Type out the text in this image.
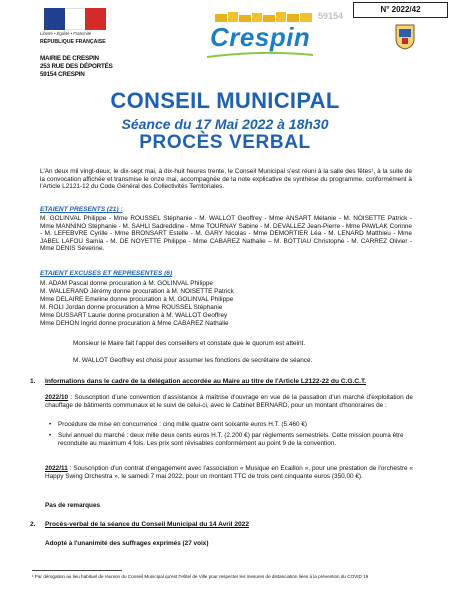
Liberté • Égalité • Fraternité
RÉPUBLIQUE FRANÇAISE
59154
Crespin
N° 2022/42
MAIRIE DE CRESPIN
253 RUE DES DÉPORTÉS
59154 CRESPIN
CONSEIL MUNICIPAL
Séance du 17 Mai 2022 à 18h30
PROCÈS VERBAL
L'An deux mil vingt-deux, le dix-sept mai, à dix-huit heures trente, le Conseil Municipal s'est réuni à la salle des fêtes¹, à la suite de la convocation affichée et transmise le onze mai, accompagnée de la note explicative de synthèse du programme, conformément à l'Article L2121-12 du Code Général des Collectivités Territoriales.
ETAIENT PRESENTS (21) :
M. GOLINVAL Philippe - Mme ROUSSEL Stéphanie - M. WALLOT Geoffrey - Mme ANSART Mélanie - M. NOISETTE Patrick - Mme MANNINO Stéphanie - M. SAHLI Sadreddine - Mme TOURNAY Sabine - M. DEVALLEZ Jean-Pierre - Mme PAWLAK Corinne - M. LEFEBVRE Cyrille - Mme BRONSART Estelle - M. GARY Nicolas - Mme DEMORTIER Léa - M. LENARD Matthieu - Mme JABEL LAFOU Samia - M. DE NOYETTE Philippe - Mme CABAREZ Nathalie – M. BOTTIAU Christophe - M. CARREZ Olivier - Mme DENIS Séverine.
ETAIENT EXCUSES ET REPRESENTES (6)
M. ADAM Pascal donne procuration à M. GOLINVAL Philippe
M. WALLERAND Jérémy donne procuration à M. NOISETTE Patrick
Mme DELAIRE Emeline donne procuration à M. GOLINVAL Philippe
M. ROLI Jordan donne procuration à Mme ROUSSEL Stéphanie
Mme DUSSART Laurie donne procuration à M. WALLOT Geoffrey
Mme DEHON Ingrid donne procuration à Mme CABAREZ Nathalie
Monsieur le Maire fait l'appel des conseillers et constate que le quorum est atteint.
M. WALLOT Geoffrey est choisi pour assumer les fonctions de secrétaire de séance.
1. Informations dans le cadre de la délégation accordée au Maire au titre de l'Article L2122-22 du C.G.C.T.
2022/10 : Souscription d'une convention d'assistance à maîtrise d'ouvrage en vue de la passation d'un marché d'exploitation de chauffage de bâtiments communaux et le suivi de celui-ci, avec le Cabinet BERNARD, pour un montant d'honoraires de :
• Procédure de mise en concurrence : cinq mille quatre cent soixante euros H.T. (5.460 €)
• Suivi annuel du marché : deux mille deux cents euros H.T. (2.200 €) par règlements semestriels. Cette mission pourra être reconduite au maximum 4 fois. Les prix sont révisables conformément au point 9 de la convention.
2022/11 : Souscription d'un contrat d'engagement avec l'association « Musique en Ecaillon », pour une prestation de l'orchestre « Happy Swing Orchestra », le samedi 7 mai 2022, pour un montant TTC de trois cent cinquante euros (350,00 €).
Pas de remarques
2. Procès-verbal de la séance du Conseil Municipal du 14 Avril 2022
Adopté à l'unanimité des suffrages exprimés (27 voix)
¹ Par dérogation au lieu habituel de réunion du Conseil Municipal qu'est l'Hôtel de Ville pour respecter les mesures de distanciation liées à la prévention du COVID 19
